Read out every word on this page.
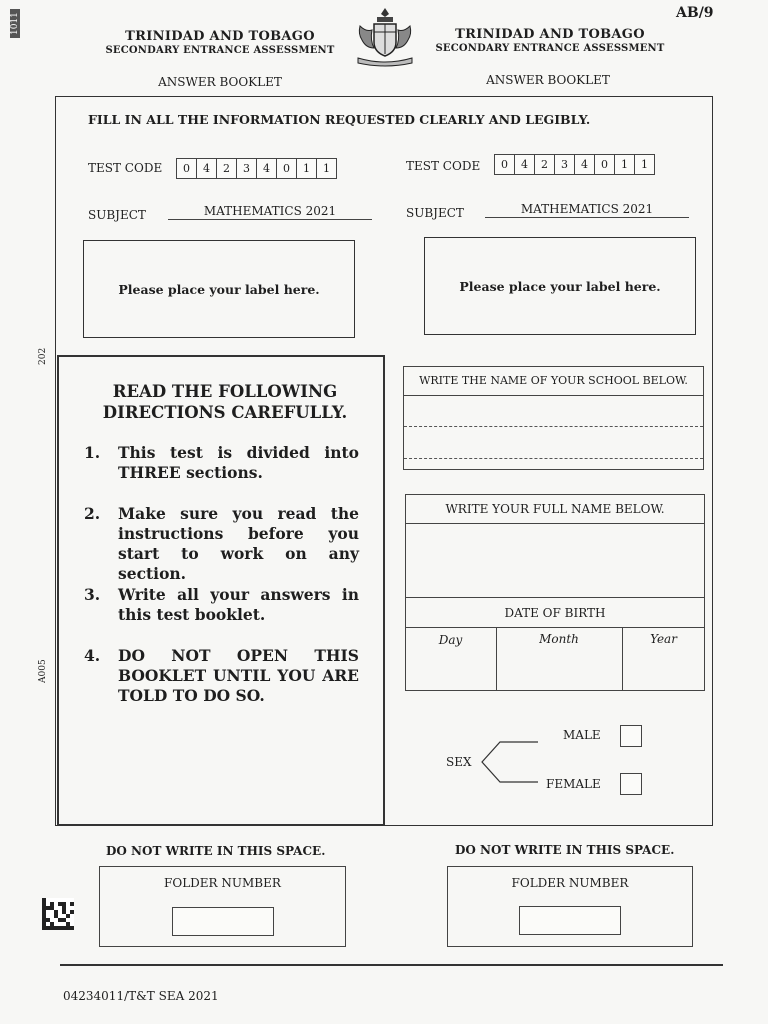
AB/9
1011
202
A005
TRINIDAD AND TOBAGO
SECONDARY ENTRANCE ASSESSMENT
ANSWER BOOKLET
TRINIDAD AND TOBAGO
SECONDARY ENTRANCE ASSESSMENT
ANSWER BOOKLET
FILL IN ALL THE INFORMATION REQUESTED CLEARLY AND LEGIBLY.
TEST CODE	0	4	2	3	4	0	1	1	TEST CODE	0	4	2	3	4	0	1	1
SUBJECT	MATHEMATICS 2021	SUBJECT	MATHEMATICS 2021
Please place your label here.	Please place your label here.
READ THE FOLLOWING
DIRECTIONS CAREFULLY.
1.	This test is divided into THREE sections.
2.	Make sure you read the instructions before you start to work on any section.
3.	Write all your answers in this test booklet.
4.	DO NOT OPEN THIS BOOKLET UNTIL YOU ARE TOLD TO DO SO.
WRITE THE NAME OF YOUR SCHOOL BELOW.
WRITE YOUR FULL NAME BELOW.
DATE OF BIRTH
Day	Month	Year
SEX
MALE
FEMALE
DO NOT WRITE IN THIS SPACE.	DO NOT WRITE IN THIS SPACE.
FOLDER NUMBER	FOLDER NUMBER
04234011/T&T SEA 2021
